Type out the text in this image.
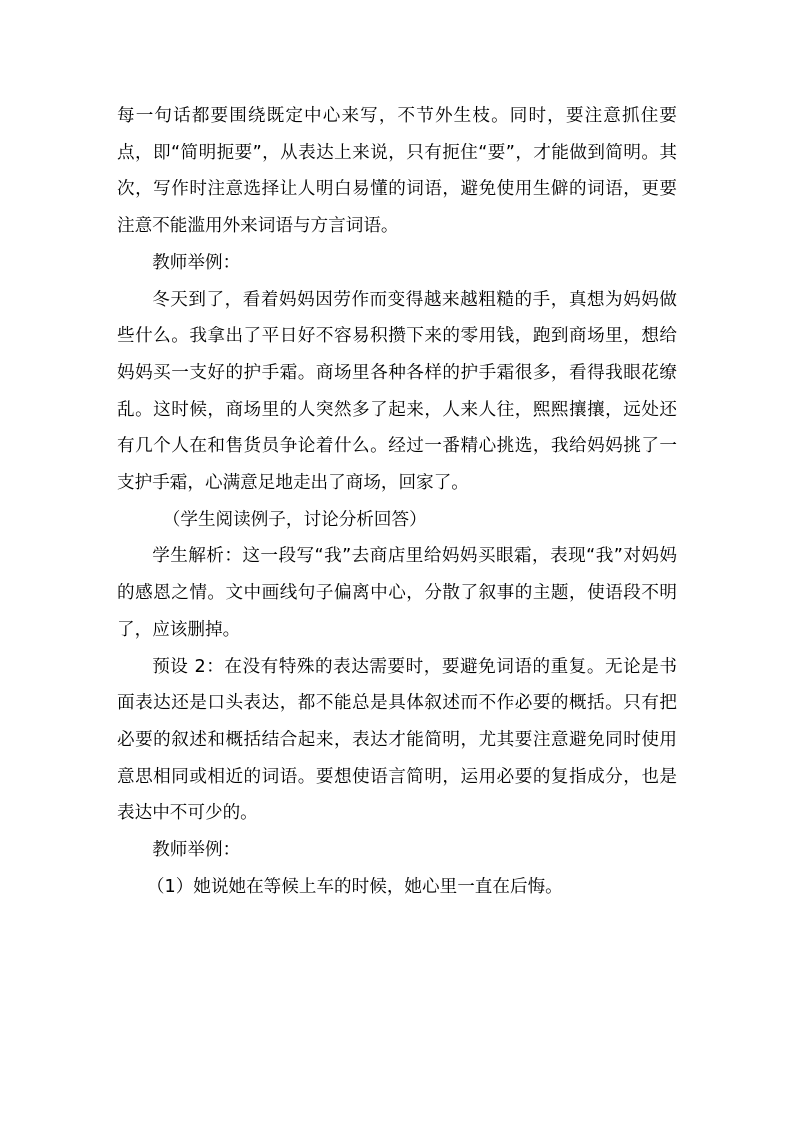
每一句话都要围绕既定中心来写，不节外生枝。同时，要注意抓住要点，即“简明扼要”，从表达上来说，只有扼住“要”，才能做到简明。其次，写作时注意选择让人明白易懂的词语，避免使用生僻的词语，更要注意不能滥用外来词语与方言词语。

教师举例：

冬天到了，看着妈妈因劳作而变得越来越粗糙的手，真想为妈妈做些什么。我拿出了平日好不容易积攒下来的零用钱，跑到商场里，想给妈妈买一支好的护手霜。商场里各种各样的护手霜很多，看得我眼花缭乱。这时候，商场里的人突然多了起来，人来人往，熙熙攘攘，远处还有几个人在和售货员争论着什么。经过一番精心挑选，我给妈妈挑了一支护手霜，心满意足地走出了商场，回家了。

（学生阅读例子，讨论分析回答）

学生解析：这一段写“我”去商店里给妈妈买眼霜，表现“我”对妈妈的感恩之情。文中画线句子偏离中心，分散了叙事的主题，使语段不明了，应该删掉。

预设 2：在没有特殊的表达需要时，要避免词语的重复。无论是书面表达还是口头表达，都不能总是具体叙述而不作必要的概括。只有把必要的叙述和概括结合起来，表达才能简明，尤其要注意避免同时使用意思相同或相近的词语。要想使语言简明，运用必要的复指成分，也是表达中不可少的。

教师举例：

（1）她说她在等候上车的时候，她心里一直在后悔。
